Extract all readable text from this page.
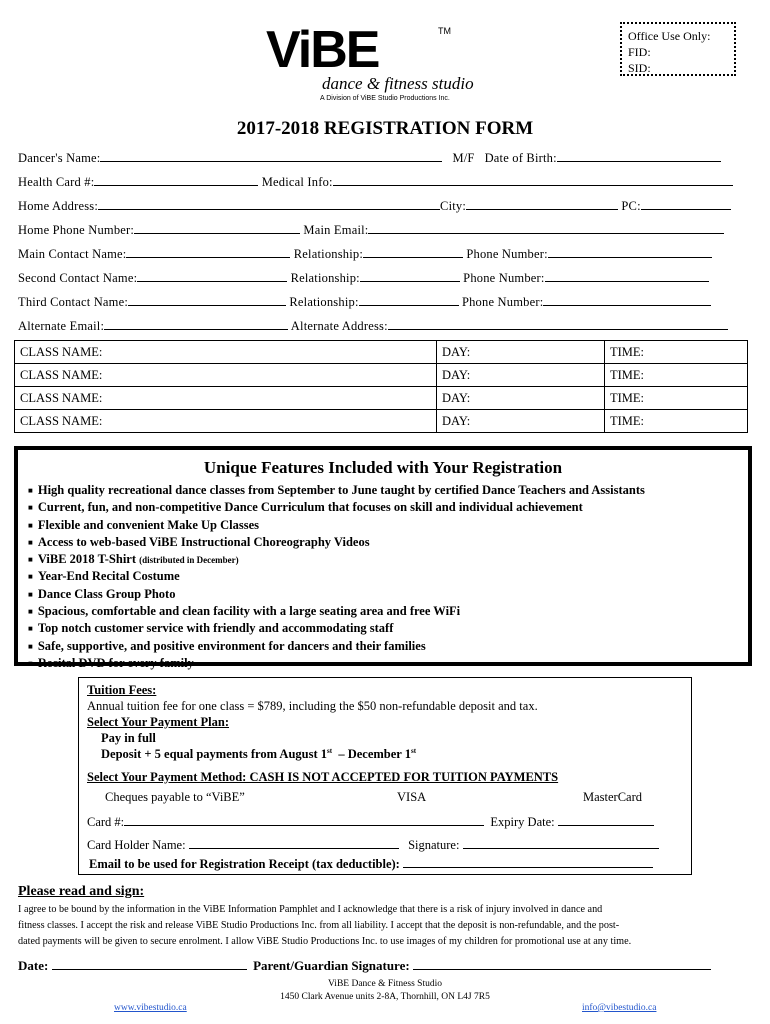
ViBE	TM
dance & fitness studio
A Division of ViBE Studio Productions Inc.
Office Use Only:
FID:
SID:
2017-2018 REGISTRATION FORM
Dancer's Name:	M/F Date of Birth:
Health Card #:	Medical Info:
Home Address:	City:	PC:
Home Phone Number:	Main Email:
Main Contact Name:	Relationship:	Phone Number:
Second Contact Name:	Relationship:	Phone Number:
Third Contact Name:	Relationship:	Phone Number:
Alternate Email:	Alternate Address:
CLASS NAME:	DAY:	TIME:
CLASS NAME:	DAY:	TIME:
CLASS NAME:	DAY:	TIME:
CLASS NAME:	DAY:	TIME:
Unique Features Included with Your Registration
■ High quality recreational dance classes from September to June taught by certified Dance Teachers and Assistants
■ Current, fun, and non-competitive Dance Curriculum that focuses on skill and individual achievement
■ Flexible and convenient Make Up Classes
■ Access to web-based ViBE Instructional Choreography Videos
■ ViBE 2018 T-Shirt (distributed in December)
■ Year-End Recital Costume
■ Dance Class Group Photo
■ Spacious, comfortable and clean facility with a large seating area and free WiFi
■ Top notch customer service with friendly and accommodating staff
■ Safe, supportive, and positive environment for dancers and their families
■ Recital DVD for every family
Tuition Fees:
Annual tuition fee for one class = $789, including the $50 non-refundable deposit and tax.
Select Your Payment Plan:
Pay in full
Deposit + 5 equal payments from August 1st  – December 1st
Select Your Payment Method: CASH IS NOT ACCEPTED FOR TUITION PAYMENTS
Cheques payable to “ViBE”	VISA	MasterCard
Card #:	Expiry Date:
Card Holder Name:	Signature:
Email to be used for Registration Receipt (tax deductible):
Please read and sign:
I agree to be bound by the information in the ViBE Information Pamphlet and I acknowledge that there is a risk of injury involved in dance and
fitness classes. I accept the risk and release ViBE Studio Productions Inc. from all liability. I accept that the deposit is non-refundable, and the post-
dated payments will be given to secure enrolment. I allow ViBE Studio Productions Inc. to use images of my children for promotional use at any time.
Date:	Parent/Guardian Signature:
ViBE Dance & Fitness Studio
1450 Clark Avenue units 2-8A, Thornhill, ON L4J 7R5
www.vibestudio.ca	info@vibestudio.ca
